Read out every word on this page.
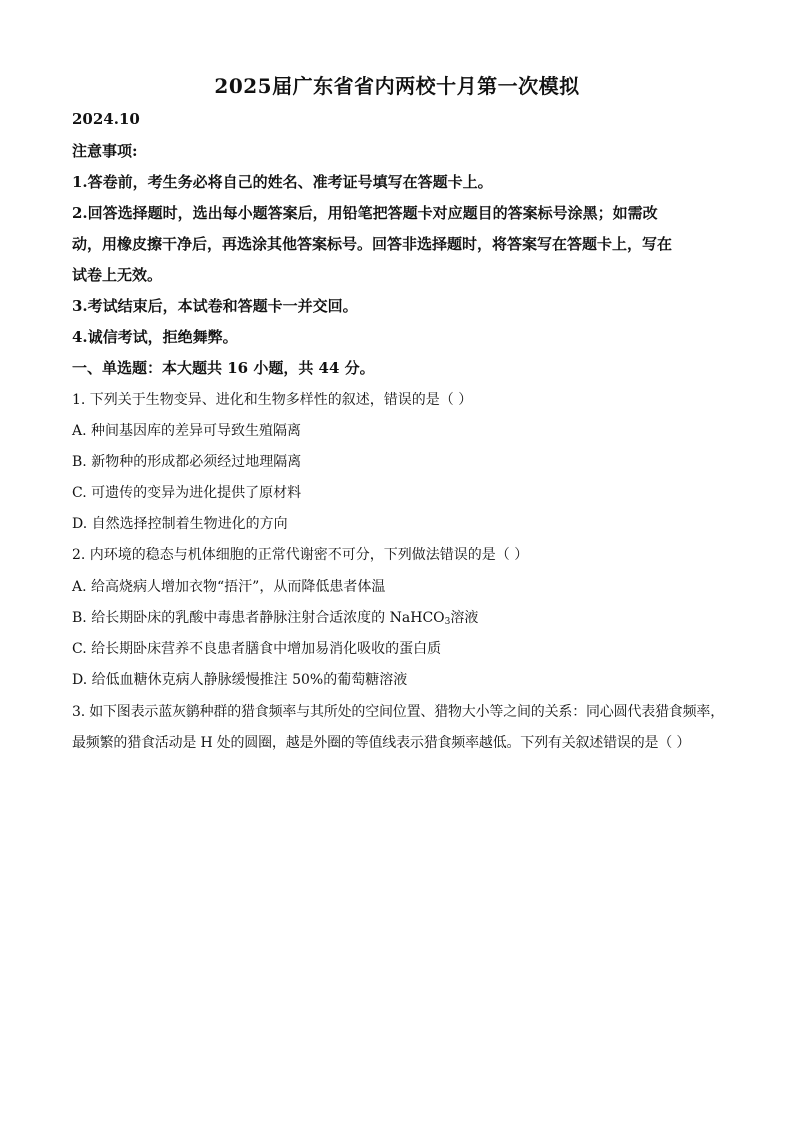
2025届广东省省内两校十月第一次模拟
2024.10
注意事项:
1.答卷前，考生务必将自己的姓名、准考证号填写在答题卡上。
2.回答选择题时，选出每小题答案后，用铅笔把答题卡对应题目的答案标号涂黑；如需改
动，用橡皮擦干净后，再选涂其他答案标号。回答非选择题时，将答案写在答题卡上，写在
试卷上无效。
3.考试结束后，本试卷和答题卡一并交回。
4.诚信考试，拒绝舞弊。
一、单选题：本大题共 16 小题，共 44 分。
1. 下列关于生物变异、进化和生物多样性的叙述，错误的是（ ）
A. 种间基因库的差异可导致生殖隔离
B. 新物种的形成都必须经过地理隔离
C. 可遗传的变异为进化提供了原材料
D. 自然选择控制着生物进化的方向
2. 内环境的稳态与机体细胞的正常代谢密不可分，下列做法错误的是（ ）
A. 给高烧病人增加衣物“捂汗”，从而降低患者体温
B. 给长期卧床的乳酸中毒患者静脉注射合适浓度的 NaHCO$_3$溶液
C. 给长期卧床营养不良患者膳食中增加易消化吸收的蛋白质
D. 给低血糖休克病人静脉缓慢推注 50%的葡萄糖溶液
3. 如下图表示蓝灰鹟种群的猎食频率与其所处的空间位置、猎物大小等之间的关系：同心圆代表猎食频率，
最频繁的猎食活动是 H 处的圆圈，越是外圈的等值线表示猎食频率越低。下列有关叙述错误的是（ ）
